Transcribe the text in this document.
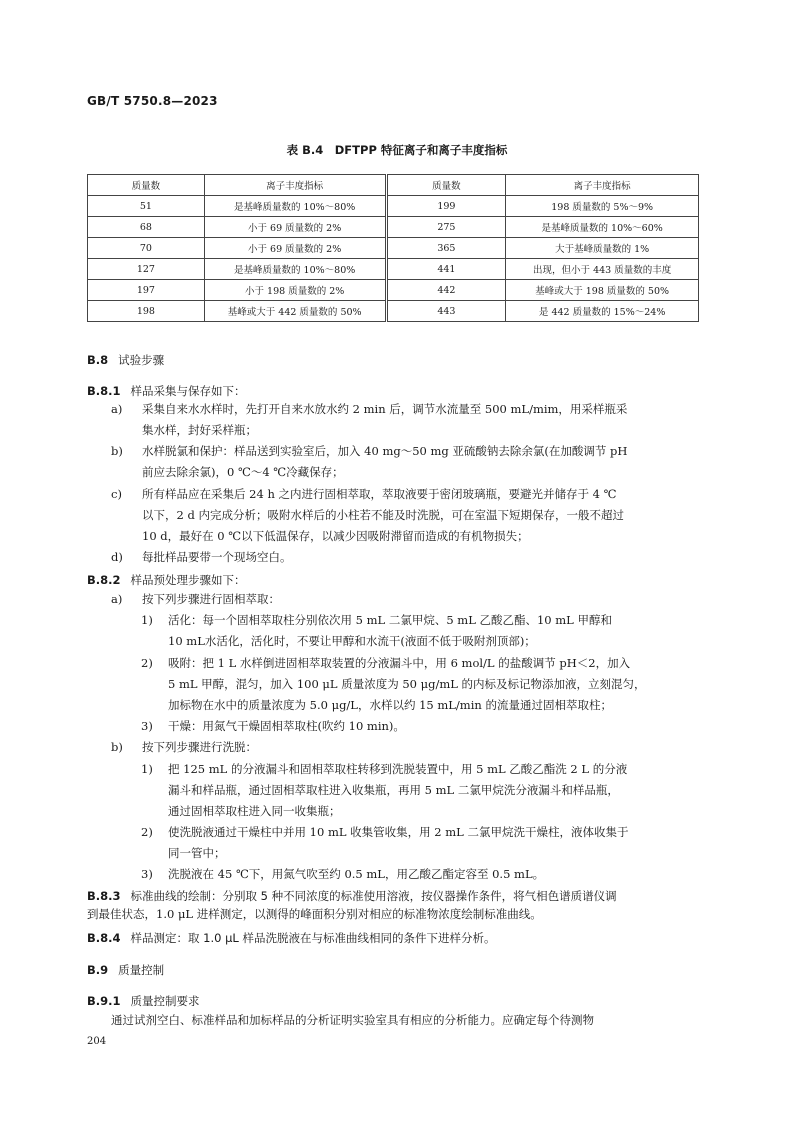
GB/T 5750.8—2023
表 B.4　DFTPP 特征离子和离子丰度指标
质量数	离子丰度指标	质量数	离子丰度指标
51	是基峰质量数的 10%～80%	199	198 质量数的 5%～9%
68	小于 69 质量数的 2%	275	是基峰质量数的 10%～60%
70	小于 69 质量数的 2%	365	大于基峰质量数的 1%
127	是基峰质量数的 10%～80%	441	出现，但小于 443 质量数的丰度
197	小于 198 质量数的 2%	442	基峰或大于 198 质量数的 50%
198	基峰或大于 442 质量数的 50%	443	是 442 质量数的 15%～24%
B.8 试验步骤
B.8.1 样品采集与保存如下：
a) 采集自来水水样时，先打开自来水放水约 2 min 后，调节水流量至 500 mL/mim，用采样瓶采
集水样，封好采样瓶；
b) 水样脱氯和保护：样品送到实验室后，加入 40 mg～50 mg 亚硫酸钠去除余氯(在加酸调节 pH
前应去除余氯)，0 ℃～4 ℃冷藏保存；
c) 所有样品应在采集后 24 h 之内进行固相萃取，萃取液要于密闭玻璃瓶，要避光并储存于 4 ℃
以下，2 d 内完成分析；吸附水样后的小柱若不能及时洗脱，可在室温下短期保存，一般不超过
10 d，最好在 0 ℃以下低温保存，以减少因吸附滞留而造成的有机物损失；
d) 每批样品要带一个现场空白。
B.8.2 样品预处理步骤如下：
a) 按下列步骤进行固相萃取：
1) 活化：每一个固相萃取柱分别依次用 5 mL 二氯甲烷、5 mL 乙酸乙酯、10 mL 甲醇和
10 mL水活化，活化时，不要让甲醇和水流干(液面不低于吸附剂顶部)；
2) 吸附：把 1 L 水样倒进固相萃取装置的分液漏斗中，用 6 mol/L 的盐酸调节 pH＜2，加入
5 mL 甲醇，混匀，加入 100 μL 质量浓度为 50 μg/mL 的内标及标记物添加液，立刻混匀，
加标物在水中的质量浓度为 5.0 μg/L，水样以约 15 mL/min 的流量通过固相萃取柱；
3) 干燥：用氮气干燥固相萃取柱(吹约 10 min)。
b) 按下列步骤进行洗脱：
1) 把 125 mL 的分液漏斗和固相萃取柱转移到洗脱装置中，用 5 mL 乙酸乙酯洗 2 L 的分液
漏斗和样品瓶，通过固相萃取柱进入收集瓶，再用 5 mL 二氯甲烷洗分液漏斗和样品瓶，
通过固相萃取柱进入同一收集瓶；
2) 使洗脱液通过干燥柱中并用 10 mL 收集管收集，用 2 mL 二氯甲烷洗干燥柱，液体收集于
同一管中；
3) 洗脱液在 45 ℃下，用氮气吹至约 0.5 mL，用乙酸乙酯定容至 0.5 mL。
B.8.3 标准曲线的绘制：分别取 5 种不同浓度的标准使用溶液，按仪器操作条件，将气相色谱质谱仪调
到最佳状态，1.0 μL 进样测定，以测得的峰面积分别对相应的标准物浓度绘制标准曲线。
B.8.4 样品测定：取 1.0 μL 样品洗脱液在与标准曲线相同的条件下进样分析。
B.9 质量控制
B.9.1 质量控制要求
通过试剂空白、标准样品和加标样品的分析证明实验室具有相应的分析能力。应确定每个待测物
204
